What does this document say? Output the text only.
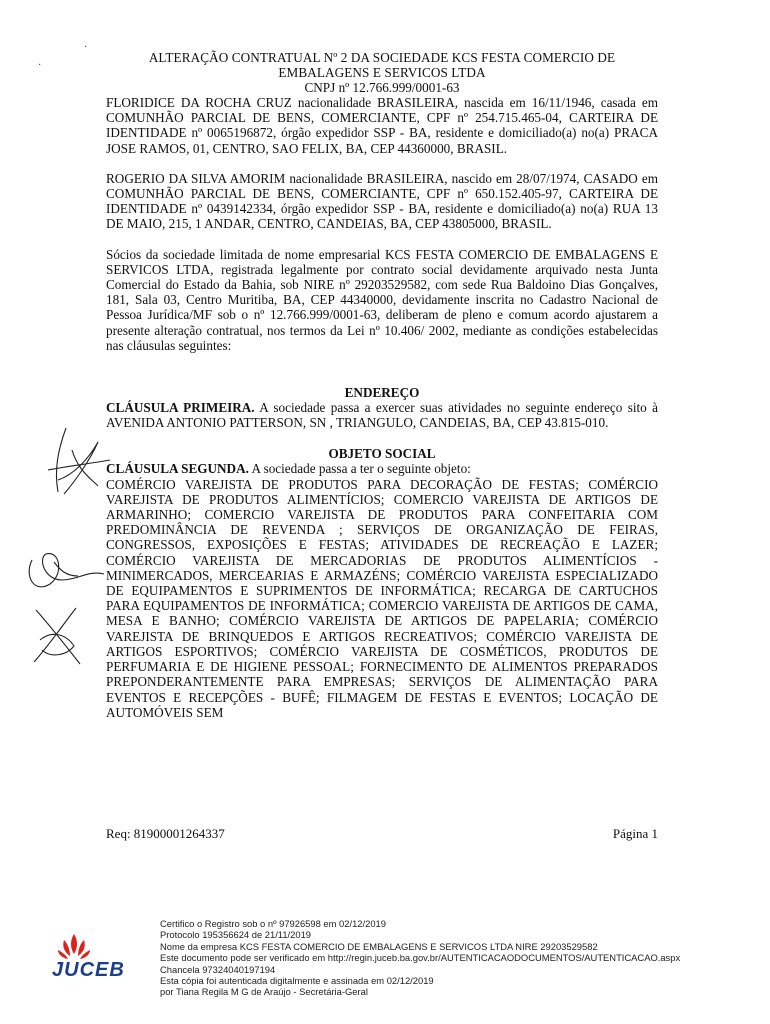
·
·
ALTERAÇÃO CONTRATUAL Nº 2 DA SOCIEDADE KCS FESTA COMERCIO DE
EMBALAGENS E SERVICOS LTDA
CNPJ nº 12.766.999/0001-63

FLORIDICE DA ROCHA CRUZ nacionalidade BRASILEIRA, nascida em 16/11/1946, casada em COMUNHÃO PARCIAL DE BENS, COMERCIANTE, CPF nº 254.715.465-04, CARTEIRA DE IDENTIDADE nº 0065196872, órgão expedidor SSP - BA, residente e domiciliado(a) no(a) PRACA JOSE RAMOS, 01, CENTRO, SAO FELIX, BA, CEP 44360000, BRASIL.

ROGERIO DA SILVA AMORIM nacionalidade BRASILEIRA, nascido em 28/07/1974, CASADO em COMUNHÃO PARCIAL DE BENS, COMERCIANTE, CPF nº 650.152.405-97, CARTEIRA DE IDENTIDADE nº 0439142334, órgão expedidor SSP - BA, residente e domiciliado(a) no(a) RUA 13 DE MAIO, 215, 1 ANDAR, CENTRO, CANDEIAS, BA, CEP 43805000, BRASIL.

Sócios da sociedade limitada de nome empresarial KCS FESTA COMERCIO DE EMBALAGENS E SERVICOS LTDA, registrada legalmente por contrato social devidamente arquivado nesta Junta Comercial do Estado da Bahia, sob NIRE nº 29203529582, com sede Rua Baldoino Dias Gonçalves, 181, Sala 03, Centro Muritiba, BA, CEP 44340000, devidamente inscrita no Cadastro Nacional de Pessoa Jurídica/MF sob o nº 12.766.999/0001-63, deliberam de pleno e comum acordo ajustarem a presente alteração contratual, nos termos da Lei nº 10.406/ 2002, mediante as condições estabelecidas nas cláusulas seguintes:

ENDEREÇO

CLÁUSULA PRIMEIRA. A sociedade passa a exercer suas atividades no seguinte endereço sito à AVENIDA ANTONIO PATTERSON, SN , TRIANGULO, CANDEIAS, BA, CEP 43.815-010.

OBJETO SOCIAL

CLÁUSULA SEGUNDA. A sociedade passa a ter o seguinte objeto:

COMÉRCIO VAREJISTA DE PRODUTOS PARA DECORAÇÃO DE FESTAS; COMÉRCIO VAREJISTA DE PRODUTOS ALIMENTÍCIOS; COMERCIO VAREJISTA DE ARTIGOS DE ARMARINHO; COMERCIO VAREJISTA DE PRODUTOS PARA CONFEITARIA COM PREDOMINÂNCIA DE REVENDA ; SERVIÇOS DE ORGANIZAÇÃO DE FEIRAS, CONGRESSOS, EXPOSIÇÕES E FESTAS; ATIVIDADES DE RECREAÇÃO E LAZER; COMÉRCIO VAREJISTA DE MERCADORIAS DE PRODUTOS ALIMENTÍCIOS - MINIMERCADOS, MERCEARIAS E ARMAZÉNS; COMÉRCIO VAREJISTA ESPECIALIZADO DE EQUIPAMENTOS E SUPRIMENTOS DE INFORMÁTICA; RECARGA DE CARTUCHOS PARA EQUIPAMENTOS DE INFORMÁTICA; COMERCIO VAREJISTA DE ARTIGOS DE CAMA, MESA E BANHO; COMÉRCIO VAREJISTA DE ARTIGOS DE PAPELARIA; COMÉRCIO VAREJISTA DE BRINQUEDOS E ARTIGOS RECREATIVOS; COMÉRCIO VAREJISTA DE ARTIGOS ESPORTIVOS; COMÉRCIO VAREJISTA DE COSMÉTICOS, PRODUTOS DE PERFUMARIA E DE HIGIENE PESSOAL; FORNECIMENTO DE ALIMENTOS PREPARADOS PREPONDERANTEMENTE PARA EMPRESAS; SERVIÇOS DE ALIMENTAÇÃO PARA EVENTOS E RECEPÇÕES - BUFÊ; FILMAGEM DE FESTAS E EVENTOS; LOCAÇÃO DE AUTOMÓVEIS SEM

Req: 81900001264337	Página 1
JUCEB
Certifico o Registro sob o nº 97926598 em 02/12/2019
Protocolo 195356624 de 21/11/2019
Nome da empresa KCS FESTA COMERCIO DE EMBALAGENS E SERVICOS LTDA NIRE 29203529582
Este documento pode ser verificado em http://regin.juceb.ba.gov.br/AUTENTICACAODOCUMENTOS/AUTENTICACAO.aspx
Chancela 97324040197194
Esta cópia foi autenticada digitalmente e assinada em 02/12/2019
por Tiana Regila M G de Araújo - Secretária-Geral
